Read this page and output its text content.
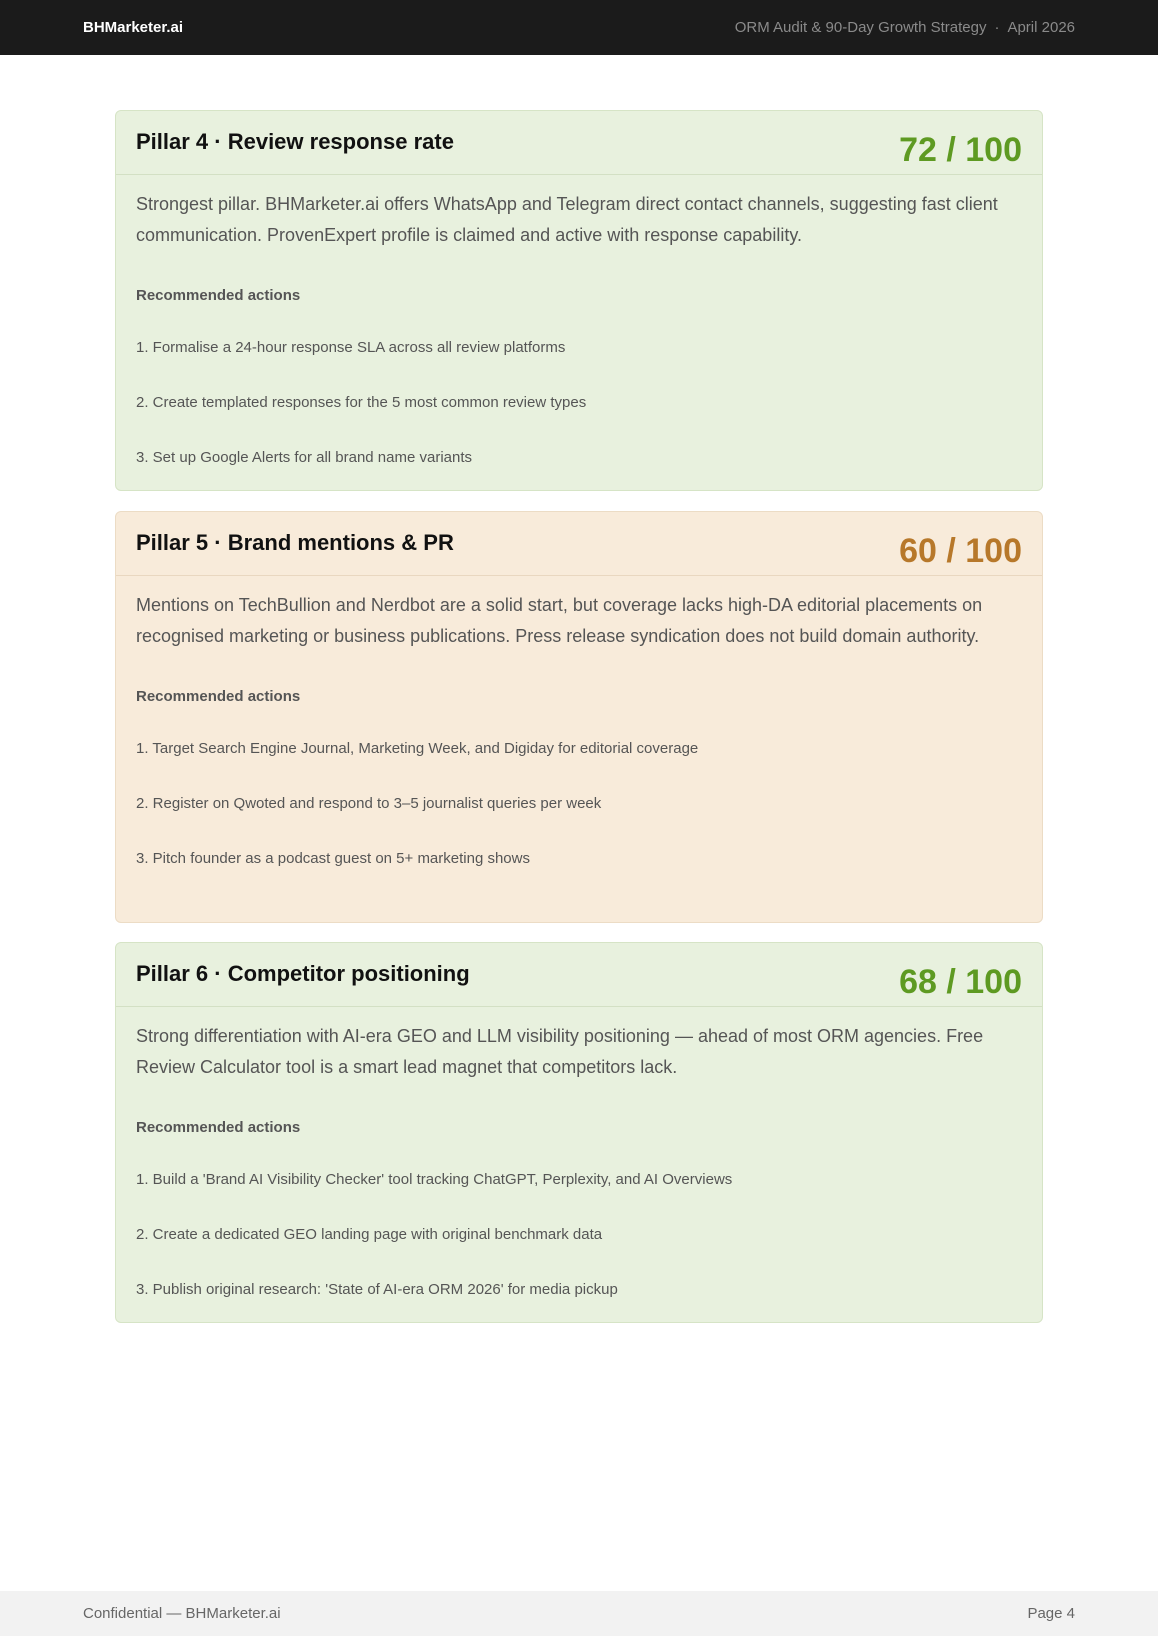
BHMarketer.ai	ORM Audit & 90-Day Growth Strategy · April 2026
Pillar 4 · Review response rate	72 / 100

Strongest pillar. BHMarketer.ai offers WhatsApp and Telegram direct contact channels, suggesting fast client communication. ProvenExpert profile is claimed and active with response capability.

Recommended actions
1. Formalise a 24-hour response SLA across all review platforms
2. Create templated responses for the 5 most common review types
3. Set up Google Alerts for all brand name variants
Pillar 5 · Brand mentions & PR	60 / 100

Mentions on TechBullion and Nerdbot are a solid start, but coverage lacks high-DA editorial placements on recognised marketing or business publications. Press release syndication does not build domain authority.

Recommended actions
1. Target Search Engine Journal, Marketing Week, and Digiday for editorial coverage
2. Register on Qwoted and respond to 3–5 journalist queries per week
3. Pitch founder as a podcast guest on 5+ marketing shows
Pillar 6 · Competitor positioning	68 / 100

Strong differentiation with AI-era GEO and LLM visibility positioning — ahead of most ORM agencies. Free Review Calculator tool is a smart lead magnet that competitors lack.

Recommended actions
1. Build a 'Brand AI Visibility Checker' tool tracking ChatGPT, Perplexity, and AI Overviews
2. Create a dedicated GEO landing page with original benchmark data
3. Publish original research: 'State of AI-era ORM 2026' for media pickup
Confidential — BHMarketer.ai	Page 4
